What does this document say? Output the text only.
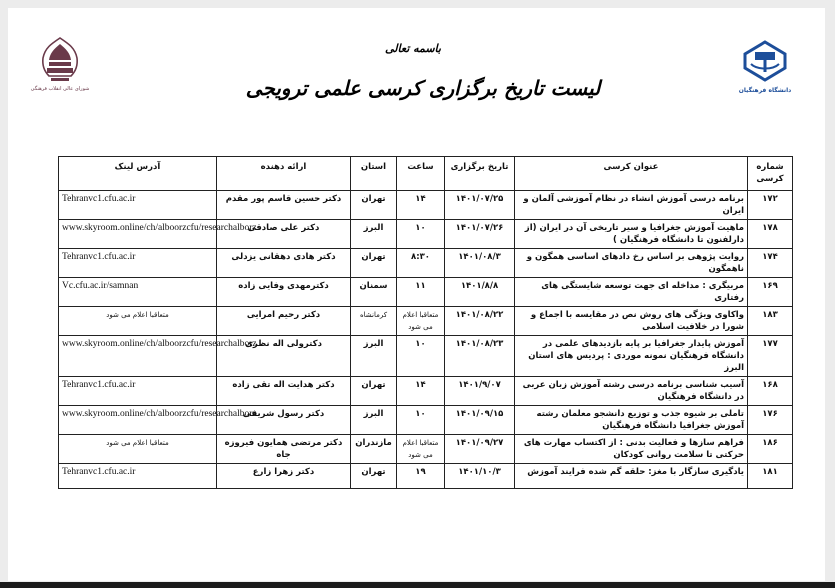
شورای عالی انقلاب فرهنگی
باسمه تعالی
لیست تاریخ برگزاری کرسی علمی ترویجی	دانشگاه فرهنگیان
شماره کرسی	عنوان کرسی	تاریخ برگزاری	ساعت	استان	ارائه دهنده	آدرس لینک
۱۷۲	برنامه درسی آموزش انشاء در نظام آموزشی آلمان و ایران	۱۴۰۱/۰۷/۲۵	۱۴	تهران	دکتر حسین قاسم پور مقدم	Tehranvc1.cfu.ac.ir
۱۷۸	ماهیت آموزش جغرافیا و سیر تاریخی آن در ایران (از دارلفنون تا دانشگاه فرهنگیان )	۱۴۰۱/۰۷/۲۶	۱۰	البرز	دکتر علی صادقی	www.skyroom.online/ch/alboorzcfu/researchalborz
۱۷۴	روایت پژوهی بر اساس رخ دادهای اساسی همگون و ناهمگون	۱۴۰۱/۰۸/۳	۸:۳۰	تهران	دکتر هادی دهقانی یزدلی	Tehranvc1.cfu.ac.ir
۱۶۹	مربیگری : مداخله ای جهت توسعه شایستگی های رفتاری	۱۴۰۱/۸/۸	۱۱	سمنان	دکترمهدی وفایی زاده	Vc.cfu.ac.ir/samnan
۱۸۳	واکاوی ویژگی های روش نص در مقایسه با اجماع و شورا در خلافیت اسلامی	۱۴۰۱/۰۸/۲۲	متعاقبا اعلام می شود	کرمانشاه	دکتر رحیم امرایی	متعاقبا اعلام می شود
۱۷۷	آموزش پایدار جغرافیا بر پایه بازدیدهای علمی در دانشگاه فرهنگیان نمونه موردی : پردیس های استان البرز	۱۴۰۱/۰۸/۲۳	۱۰	البرز	دکترولی اله نظری	www.skyroom.online/ch/alboorzcfu/researchalborz
۱۶۸	آسیب شناسی برنامه درسی رشته آموزش زبان عربی در دانشگاه فرهنگیان	۱۴۰۱/۹/۰۷	۱۴	تهران	دکتر هدایت اله تقی زاده	Tehranvc1.cfu.ac.ir
۱۷۶	تاملی بر شیوه جذب و توزیع دانشجو معلمان رشته آموزش جغرافیا دانشگاه فرهنگیان	۱۴۰۱/۰۹/۱۵	۱۰	البرز	دکتر رسول شریفی	www.skyroom.online/ch/alboorzcfu/researchalborz
۱۸۶	فراهم سازها و فعالیت بدنی : از اکتساب مهارت های حرکتی تا سلامت روانی کودکان	۱۴۰۱/۰۹/۲۷	متعاقبا اعلام می شود	مازندران	دکتر مرتضی همایون فیروزه جاه	متعاقبا اعلام می شود
۱۸۱	یادگیری سازگار با مغز: حلقه گم شده فرایند آموزش	۱۴۰۱/۱۰/۳	۱۹	تهران	دکتر زهرا زارع	Tehranvc1.cfu.ac.ir
